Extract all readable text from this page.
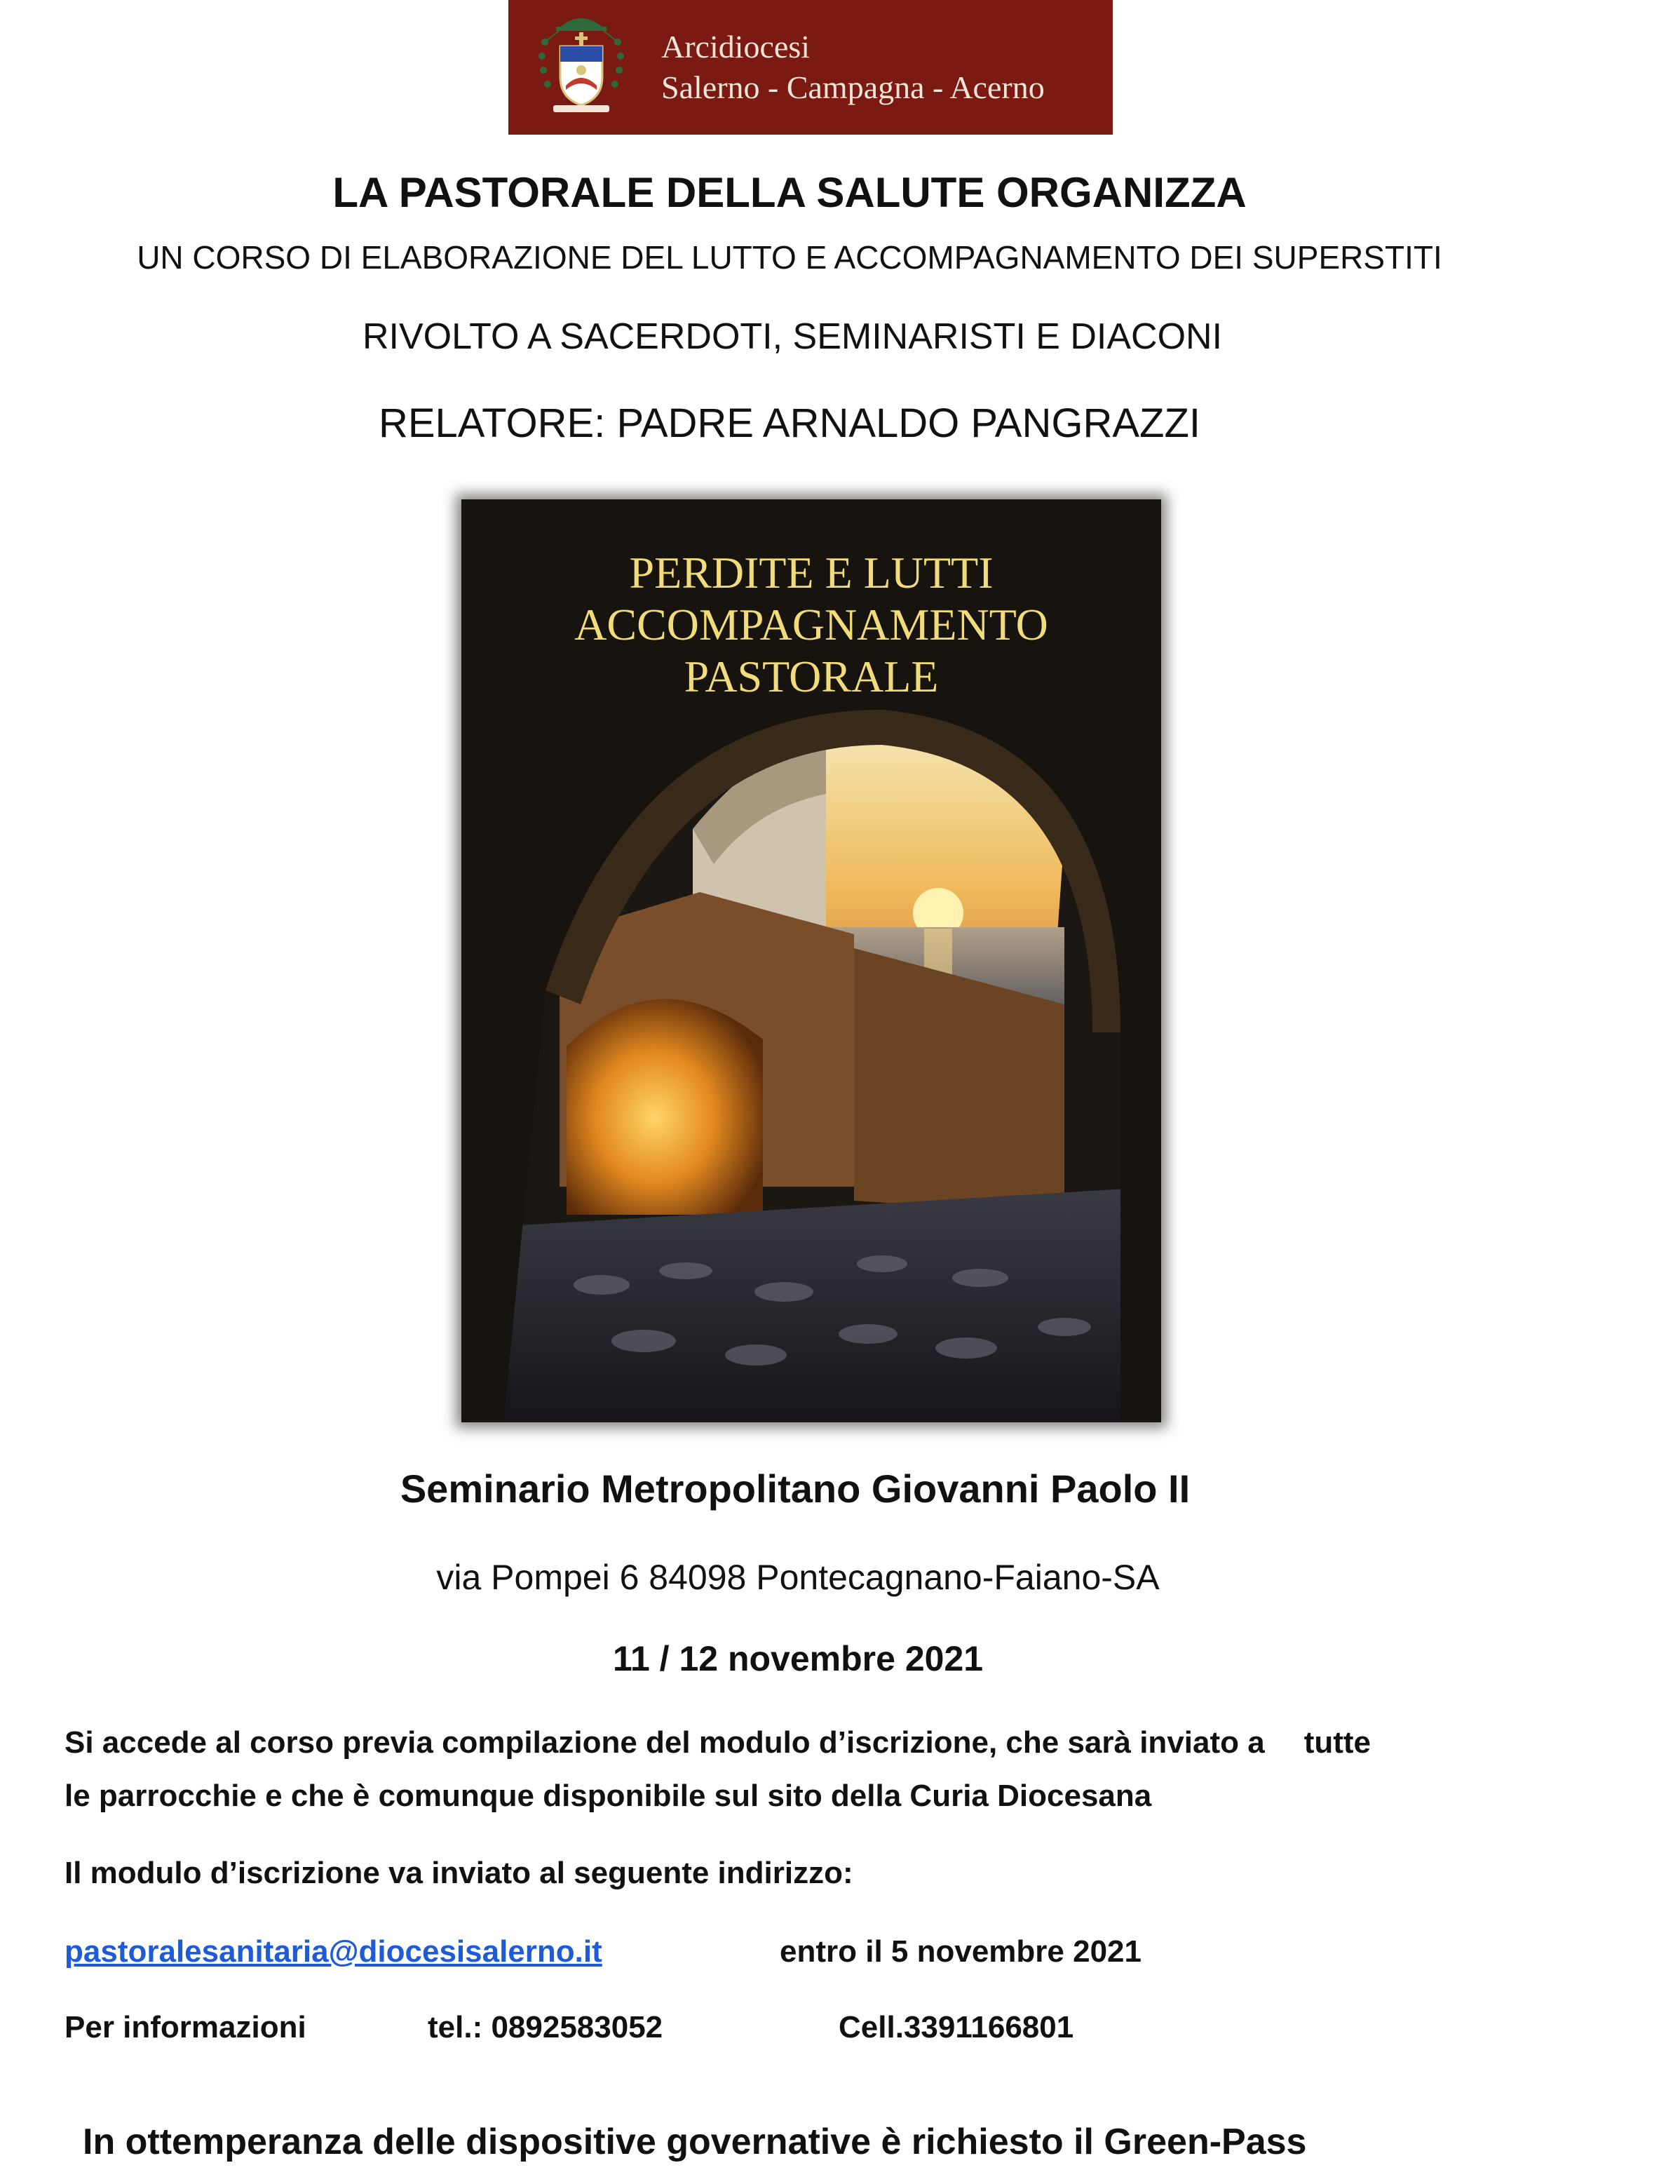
Arcidiocesi
Salerno - Campagna - Acerno
LA PASTORALE DELLA SALUTE ORGANIZZA
UN CORSO DI ELABORAZIONE DEL LUTTO E ACCOMPAGNAMENTO DEI SUPERSTITI
RIVOLTO A SACERDOTI, SEMINARISTI E DIACONI
RELATORE: PADRE ARNALDO PANGRAZZI
PERDITE E LUTTI
ACCOMPAGNAMENTO
PASTORALE
Seminario Metropolitano Giovanni Paolo II
via Pompei 6 84098 Pontecagnano-Faiano-SA
11 / 12 novembre 2021
Si accede al corso previa compilazione del modulo d’iscrizione, che sarà inviato a tutte
le parrocchie e che è comunque disponibile sul sito della Curia Diocesana
Il modulo d’iscrizione va inviato al seguente indirizzo:
pastoralesanitaria@diocesisalerno.it	entro il 5 novembre 2021
Per informazioni	tel.: 0892583052	Cell.3391166801
In ottemperanza delle dispositive governative è richiesto il Green-Pass
